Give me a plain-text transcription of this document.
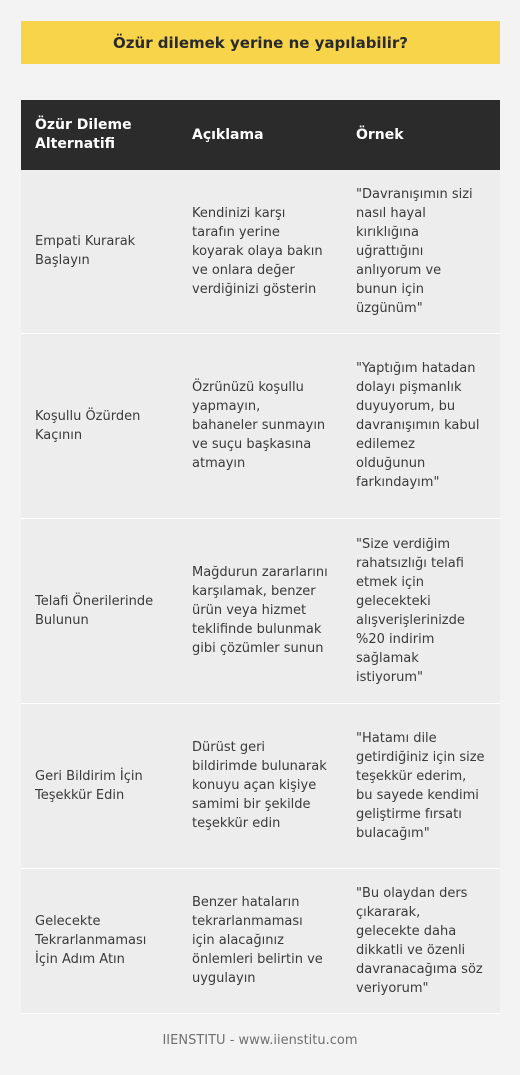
Özür dilemek yerine ne yapılabilir?
Özür Dileme Alternatifi	Açıklama	Örnek
Empati Kurarak Başlayın	Kendinizi karşı tarafın yerine koyarak olaya bakın ve onlara değer verdiğinizi gösterin	"Davranışımın sizi nasıl hayal kırıklığına uğrattığını anlıyorum ve bunun için üzgünüm"
Koşullu Özürden Kaçının	Özrünüzü koşullu yapmayın, bahaneler sunmayın ve suçu başkasına atmayın	"Yaptığım hatadan dolayı pişmanlık duyuyorum, bu davranışımın kabul edilemez olduğunun farkındayım"
Telafi Önerilerinde Bulunun	Mağdurun zararlarını karşılamak, benzer ürün veya hizmet teklifinde bulunmak gibi çözümler sunun	"Size verdiğim rahatsızlığı telafi etmek için gelecekteki alışverişlerinizde %20 indirim sağlamak istiyorum"
Geri Bildirim İçin Teşekkür Edin	Dürüst geri bildirimde bulunarak konuyu açan kişiye samimi bir şekilde teşekkür edin	"Hatamı dile getirdiğiniz için size teşekkür ederim, bu sayede kendimi geliştirme fırsatı bulacağım"
Gelecekte Tekrarlanmaması İçin Adım Atın	Benzer hataların tekrarlanmaması için alacağınız önlemleri belirtin ve uygulayın	"Bu olaydan ders çıkararak, gelecekte daha dikkatli ve özenli davranacağıma söz veriyorum"
IIENSTITU - www.iienstitu.com
